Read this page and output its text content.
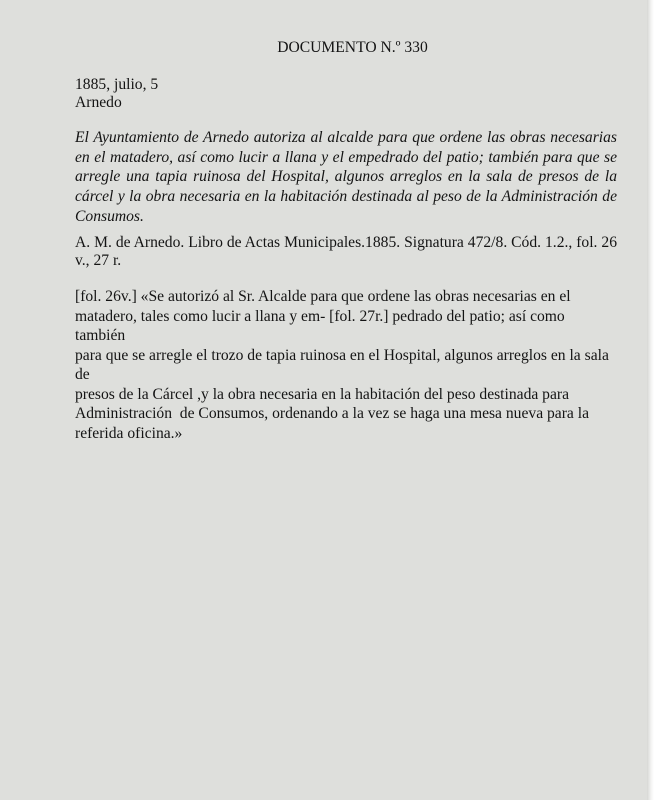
DOCUMENTO N.º 330

1885, julio, 5

Arnedo

El Ayuntamiento de Arnedo autoriza al alcalde para que ordene las obras necesarias en el matadero, así como lucir a llana y el empedrado del patio; también para que se arregle una tapia ruinosa del Hospital, algunos arreglos en la sala de presos de la cárcel y la obra necesaria en la habitación destinada al peso de la Administración de Consumos.

A. M. de Arnedo. Libro de Actas Municipales.1885. Signatura 472/8. Cód. 1.2., fol. 26 v., 27 r.

[fol. 26v.] «Se autorizó al Sr. Alcalde para que ordene las obras necesarias en el
matadero, tales como lucir a llana y em- [fol. 27r.] pedrado del patio; así como también
para que se arregle el trozo de tapia ruinosa en el Hospital, algunos arreglos en la sala de
presos de la Cárcel ,y la obra necesaria en la habitación del peso destinada para
Administración  de Consumos, ordenando a la vez se haga una mesa nueva para la
referida oficina.»
